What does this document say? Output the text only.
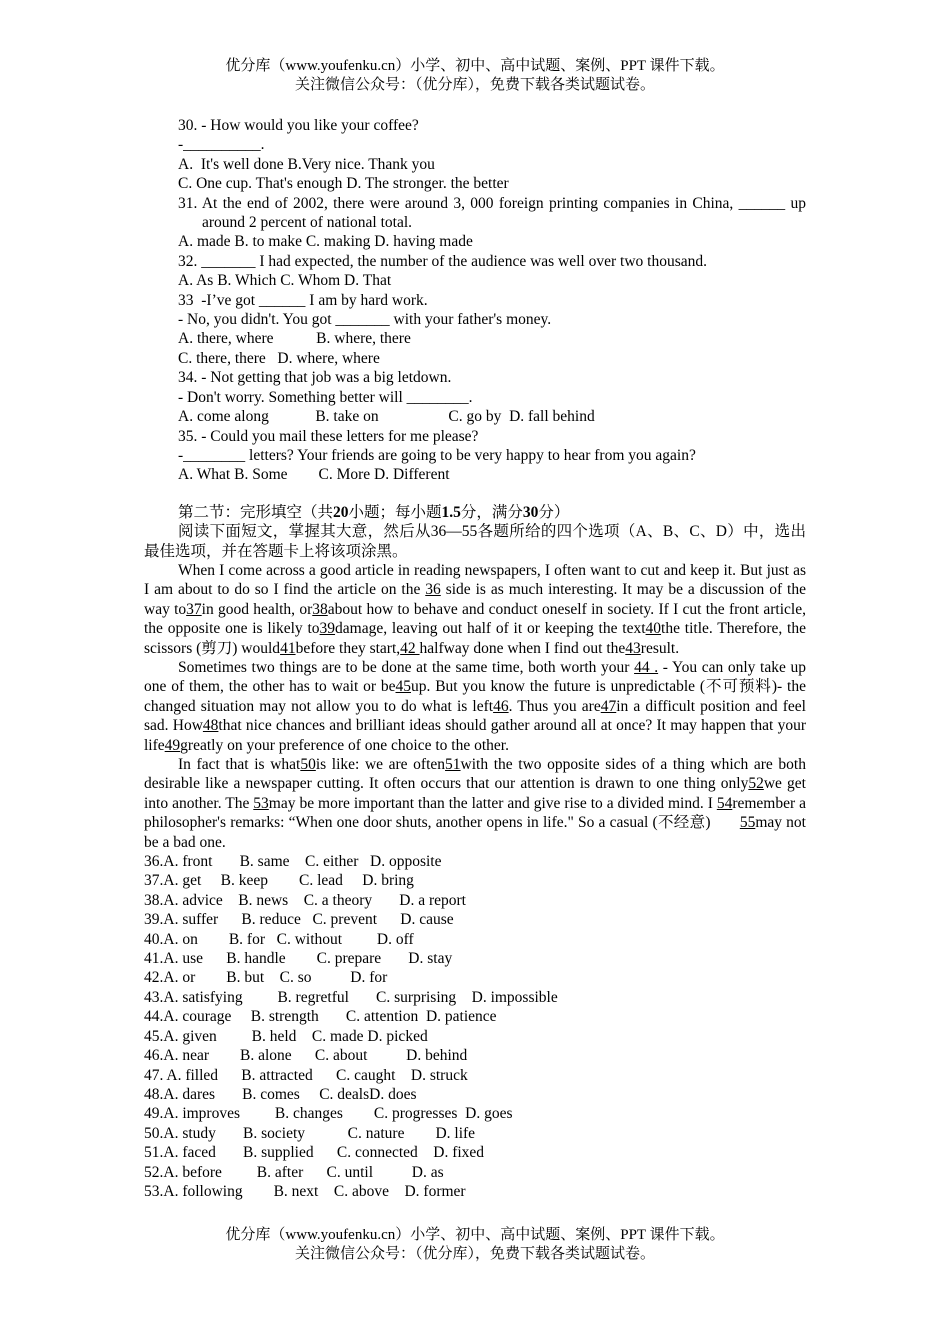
优分库（www.youfenku.cn）小学、初中、高中试题、案例、PPT 课件下载。
关注微信公众号：（优分库），免费下载各类试题试卷。
30. - How would you like your coffee?
-__________.
A.  It's well done B.Very nice. Thank you
C. One cup. That's enough D. The stronger. the better
31. At the end of 2002, there were around 3, 000 foreign printing companies in China, ______ up around 2 percent of national total.
A. made B. to make C. making D. having made
32. _______ I had expected, the number of the audience was well over two thousand.
A. As B. Which C. Whom D. That
33  -I’ve got ______ I am by hard work.
- No, you didn't. You got _______ with your father's money.
A. there, where           B. where, there
C. there, there   D. where, where
34. - Not getting that job was a big letdown.
- Don't worry. Something better will ________.
A. come along            B. take on                  C. go by  D. fall behind
35. - Could you mail these letters for me please?
-________ letters? Your friends are going to be very happy to hear from you again?
A. What B. Some        C. More D. Different
第二节：完形填空（共20小题；每小题1.5分，满分30分）
阅读下面短文，掌握其大意，然后从36—55各题所给的四个选项（A、B、C、D）中，选出最佳选项，并在答题卡上将该项涂黑。
When I come across a good article in reading newspapers, I often want to cut and keep it. But just as I am about to do so I find the article on the 36 side is as much interesting. It may be a discussion of the way to37in good health, or38about how to behave and conduct oneself in society. If I cut the front article, the opposite one is likely to39damage, leaving out half of it or keeping the text40the title. Therefore, the scissors (剪刀) would41before they start,42 halfway done when I find out the43result.
Sometimes two things are to be done at the same time, both worth your 44 . - You can only take up one of them, the other has to wait or be45up. But you know the future is unpredictable (不可预料)- the changed situation may not allow you to do what is left46. Thus you are47in a difficult position and feel sad. How48that nice chances and brilliant ideas should gather around all at once? It may happen that your life49greatly on your preference of one choice to the other.
In fact that is what50is like: we are often51with the two opposite sides of a thing which are both desirable like a newspaper cutting. It often occurs that our attention is drawn to one thing only52we get into another. The 53may be more important than the latter and give rise to a divided mind. I 54remember a philosopher's remarks: “When one door shuts, another opens in life." So a casual (不经意)       55may not be a bad one.
36.A. front       B. same    C. either   D. opposite
37.A. get     B. keep        C. lead     D. bring
38.A. advice    B. news    C. a theory       D. a report
39.A. suffer      B. reduce   C. prevent      D. cause
40.A. on        B. for   C. without         D. off
41.A. use      B. handle        C. prepare       D. stay
42.A. or        B. but    C. so          D. for
43.A. satisfying         B. regretful       C. surprising    D. impossible
44.A. courage     B. strength       C. attention  D. patience
45.A. given         B. held    C. made D. picked
46.A. near        B. alone      C. about          D. behind
47. A. filled      B. attracted      C. caught    D. struck
48.A. dares       B. comes     C. dealsD. does
49.A. improves         B. changes        C. progresses  D. goes
50.A. study       B. society           C. nature        D. life
51.A. faced       B. supplied      C. connected    D. fixed
52.A. before         B. after      C. until          D. as
53.A. following        B. next    C. above    D. former
优分库（www.youfenku.cn）小学、初中、高中试题、案例、PPT 课件下载。
关注微信公众号：（优分库），免费下载各类试题试卷。
